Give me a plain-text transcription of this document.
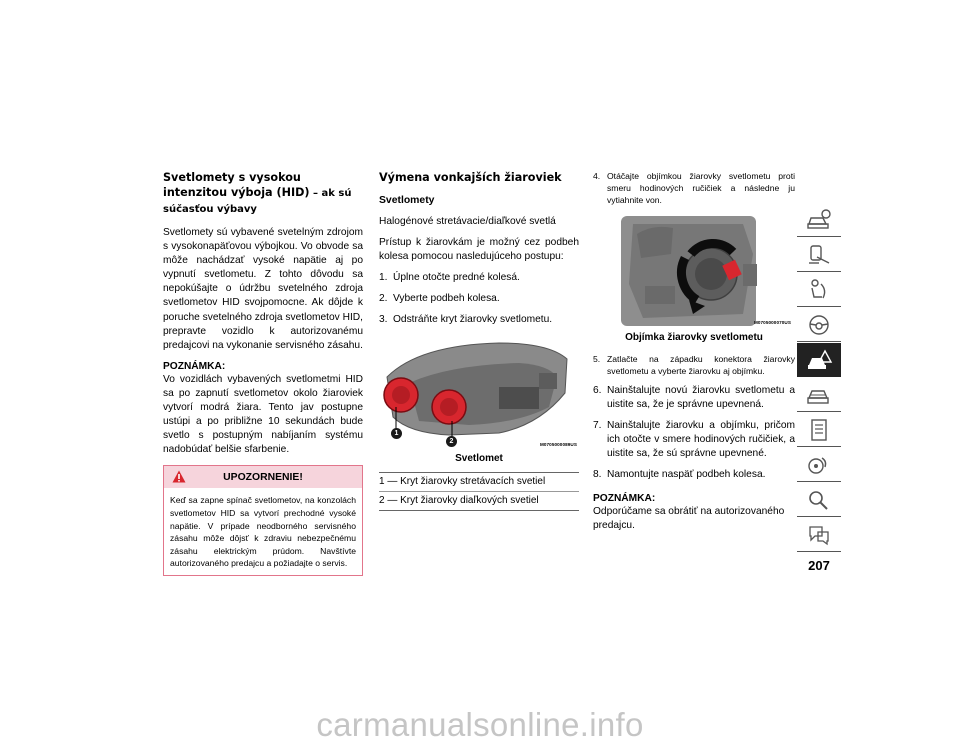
Svetlomety s vysokou intenzitou výboja (HID) – ak sú súčasťou výbavy

Svetlomety sú vybavené svetelným zdrojom s vysokonapäťovou výbojkou. Vo obvode sa môže nachádzať vysoké napätie aj po vypnutí svetlometu. Z tohto dôvodu sa nepokúšajte o údržbu svetelného zdroja svetlometov HID svojpomocne. Ak dôjde k poruche svetelného zdroja svetlometov HID, prepravte vozidlo k autorizovanému predajcovi na vykonanie servisného zásahu.

POZNÁMKA:

Vo vozidlách vybavených svetlometmi HID sa po zapnutí svetlometov okolo žiaroviek vytvorí modrá žiara. Tento jav postupne ustúpi a po približne 10 sekundách bude svetlo s postupným nabíjaním systému nadobúdať belšie sfarbenie.

UPOZORNENIE!

Keď sa zapne spínač svetlometov, na konzolách svetlometov HID sa vytvorí prechodné vysoké napätie. V prípade neodborného servisného zásahu môže dôjsť k zdraviu nebezpečnému zásahu elektrickým prúdom. Navštívte autorizovaného predajcu a požiadajte o servis.

Výmena vonkajších žiaroviek
Svetlomety

Halogénové stretávacie/diaľkové svetlá

Prístup k žiarovkám je možný cez podbeh kolesa pomocou nasledujúceho postupu:

1. Úplne otočte predné kolesá.
2. Vyberte podbeh kolesa.
3. Odstráňte kryt žiarovky svetlometu.
1
2	M0705000089US
Svetlomet
1 — Kryt žiarovky stretávacích svetiel
2 — Kryt žiarovky diaľkových svetiel
4. Otáčajte objímkou žiarovky svetlometu proti smeru hodinových ručičiek a následne ju vytiahnite von.
M0705000070US
Objímka žiarovky svetlometu
5. Zatlačte na západku konektora žiarovky svetlometu a vyberte žiarovku aj objímku.
6. Nainštalujte novú žiarovku svetlometu a uistite sa, že je správne upevnená.
7. Nainštalujte žiarovku a objímku, pričom ich otočte v smere hodinových ručičiek, a uistite sa, že sú správne upevnené.
8. Namontujte naspäť podbeh kolesa.
POZNÁMKA:

Odporúčame sa obrátiť na autorizovaného predajcu.

207
carmanualsonline.info
